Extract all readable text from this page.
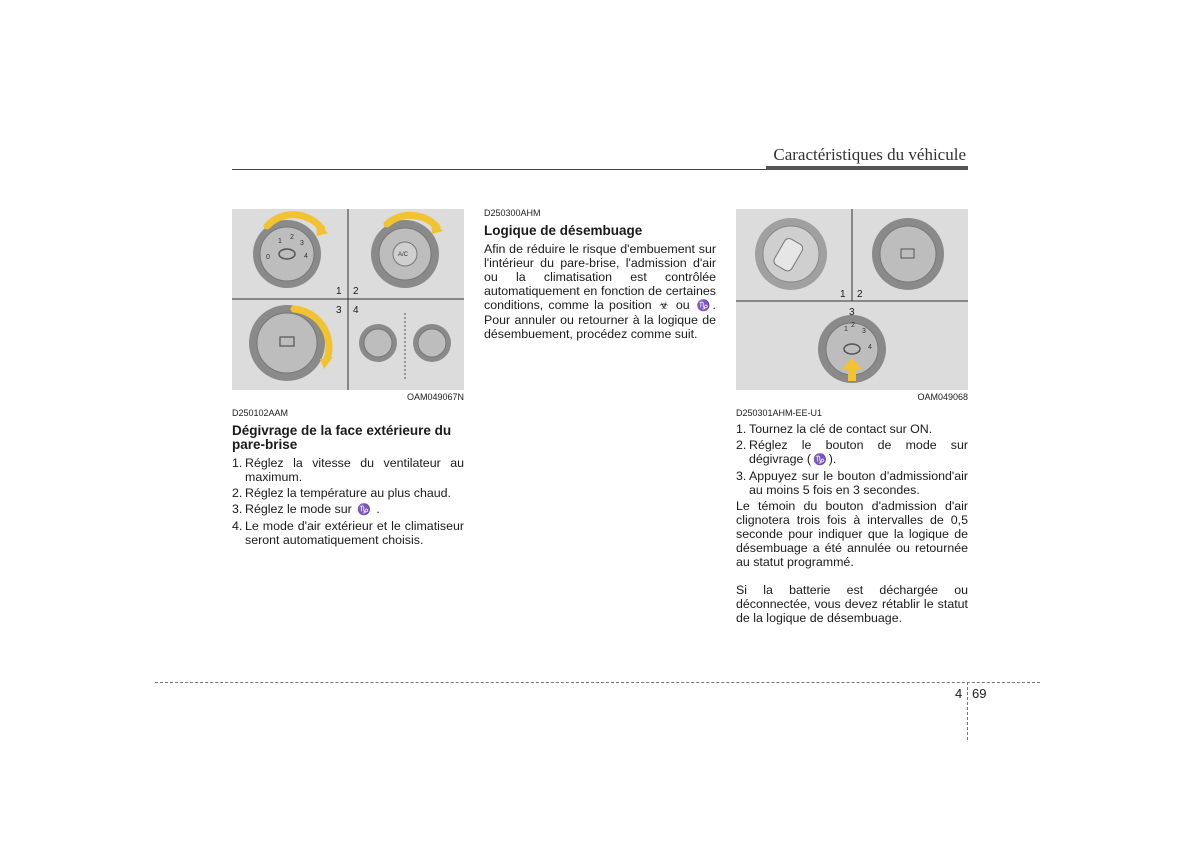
Caractéristiques du véhicule
0
1
2
3
4	A/C
1 2
3 4
OAM049067N
D250102AAM
Dégivrage de la face extérieure du pare-brise
1. Réglez la vitesse du ventilateur au maximum.
2. Réglez la température au plus chaud.
3. Réglez le mode sur ♑ .
4. Le mode d'air extérieur et le climatiseur seront automatiquement choisis.
D250300AHM
Logique de désembuage

Afin de réduire le risque d'embuement sur l'intérieur du pare-brise, l'admission d'air ou la climatisation est contrôlée automatiquement en fonction de certaines conditions, comme la position ☣ ou ♑ . Pour annuler ou retourner à la logique de désembuement, procédez comme suit.	1
2
3
4
1 2
3
OAM049068
D250301AHM-EE-U1
1. Tournez la clé de contact sur ON.
2. Réglez le bouton de mode sur dégivrage ( ♑ ).
3. Appuyez sur le bouton d'admissiond'air au moins 5 fois en 3 secondes.

Le témoin du bouton d'admission d'air clignotera trois fois à intervalles de 0,5 seconde pour indiquer que la logique de désembuage a été annulée ou retournée au statut programmé.

Si la batterie est déchargée ou déconnectée, vous devez rétablir le statut de la logique de désembuage.

4 69
